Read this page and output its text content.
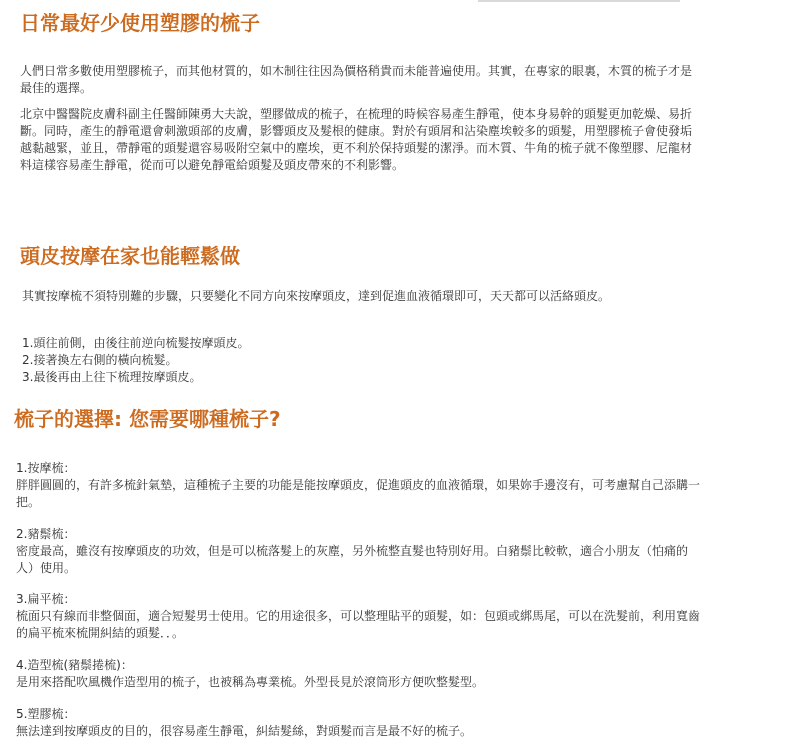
日常最好少使用塑膠的梳子

人們日常多數使用塑膠梳子，而其他材質的，如木制往往因為價格稍貴而未能普遍使用。其實，在專家的眼裏，木質的梳子才是最佳的選擇。

北京中醫醫院皮膚科副主任醫師陳勇大夫說，塑膠做成的梳子，在梳理的時候容易產生靜電，使本身易幹的頭髮更加乾燥、易折斷。同時，產生的靜電還會刺激頭部的皮膚，影響頭皮及髮根的健康。對於有頭屑和沾染塵埃較多的頭髮，用塑膠梳子會使發垢越黏越緊，並且，帶靜電的頭髮還容易吸附空氣中的塵埃，更不利於保持頭髮的潔淨。而木質、牛角的梳子就不像塑膠、尼龍材料這樣容易產生靜電，從而可以避免靜電給頭髮及頭皮帶來的不利影響。

頭皮按摩在家也能輕鬆做

其實按摩梳不須特別難的步驟，只要變化不同方向來按摩頭皮，達到促進血液循環即可，天天都可以活絡頭皮。

1.頭往前側，由後往前逆向梳髮按摩頭皮。

2.接著換左右側的橫向梳髮。

3.最後再由上往下梳理按摩頭皮。

梳子的選擇: 您需要哪種梳子?
1.按摩梳：
胖胖圓圓的，有許多梳針氣墊，這種梳子主要的功能是能按摩頭皮，促進頭皮的血液循環，如果妳手邊沒有，可考慮幫自己添購一把。
2.豬鬃梳：
密度最高，雖沒有按摩頭皮的功效，但是可以梳落髮上的灰塵，另外梳整直髮也特別好用。白豬鬃比較軟，適合小朋友（怕痛的人）使用。
3.扁平梳：
梳面只有線而非整個面，適合短髮男士使用。它的用途很多，可以整理貼平的頭髮，如：包頭或綁馬尾，可以在洗髮前，利用寬齒的扁平梳來梳開糾結的頭髮．．。
4.造型梳(豬鬃捲梳)：
是用來搭配吹風機作造型用的梳子，也被稱為專業梳。外型長見於滾筒形方便吹整髮型。
5.塑膠梳：
無法達到按摩頭皮的目的，很容易產生靜電，糾結髮絲，對頭髮而言是最不好的梳子。
